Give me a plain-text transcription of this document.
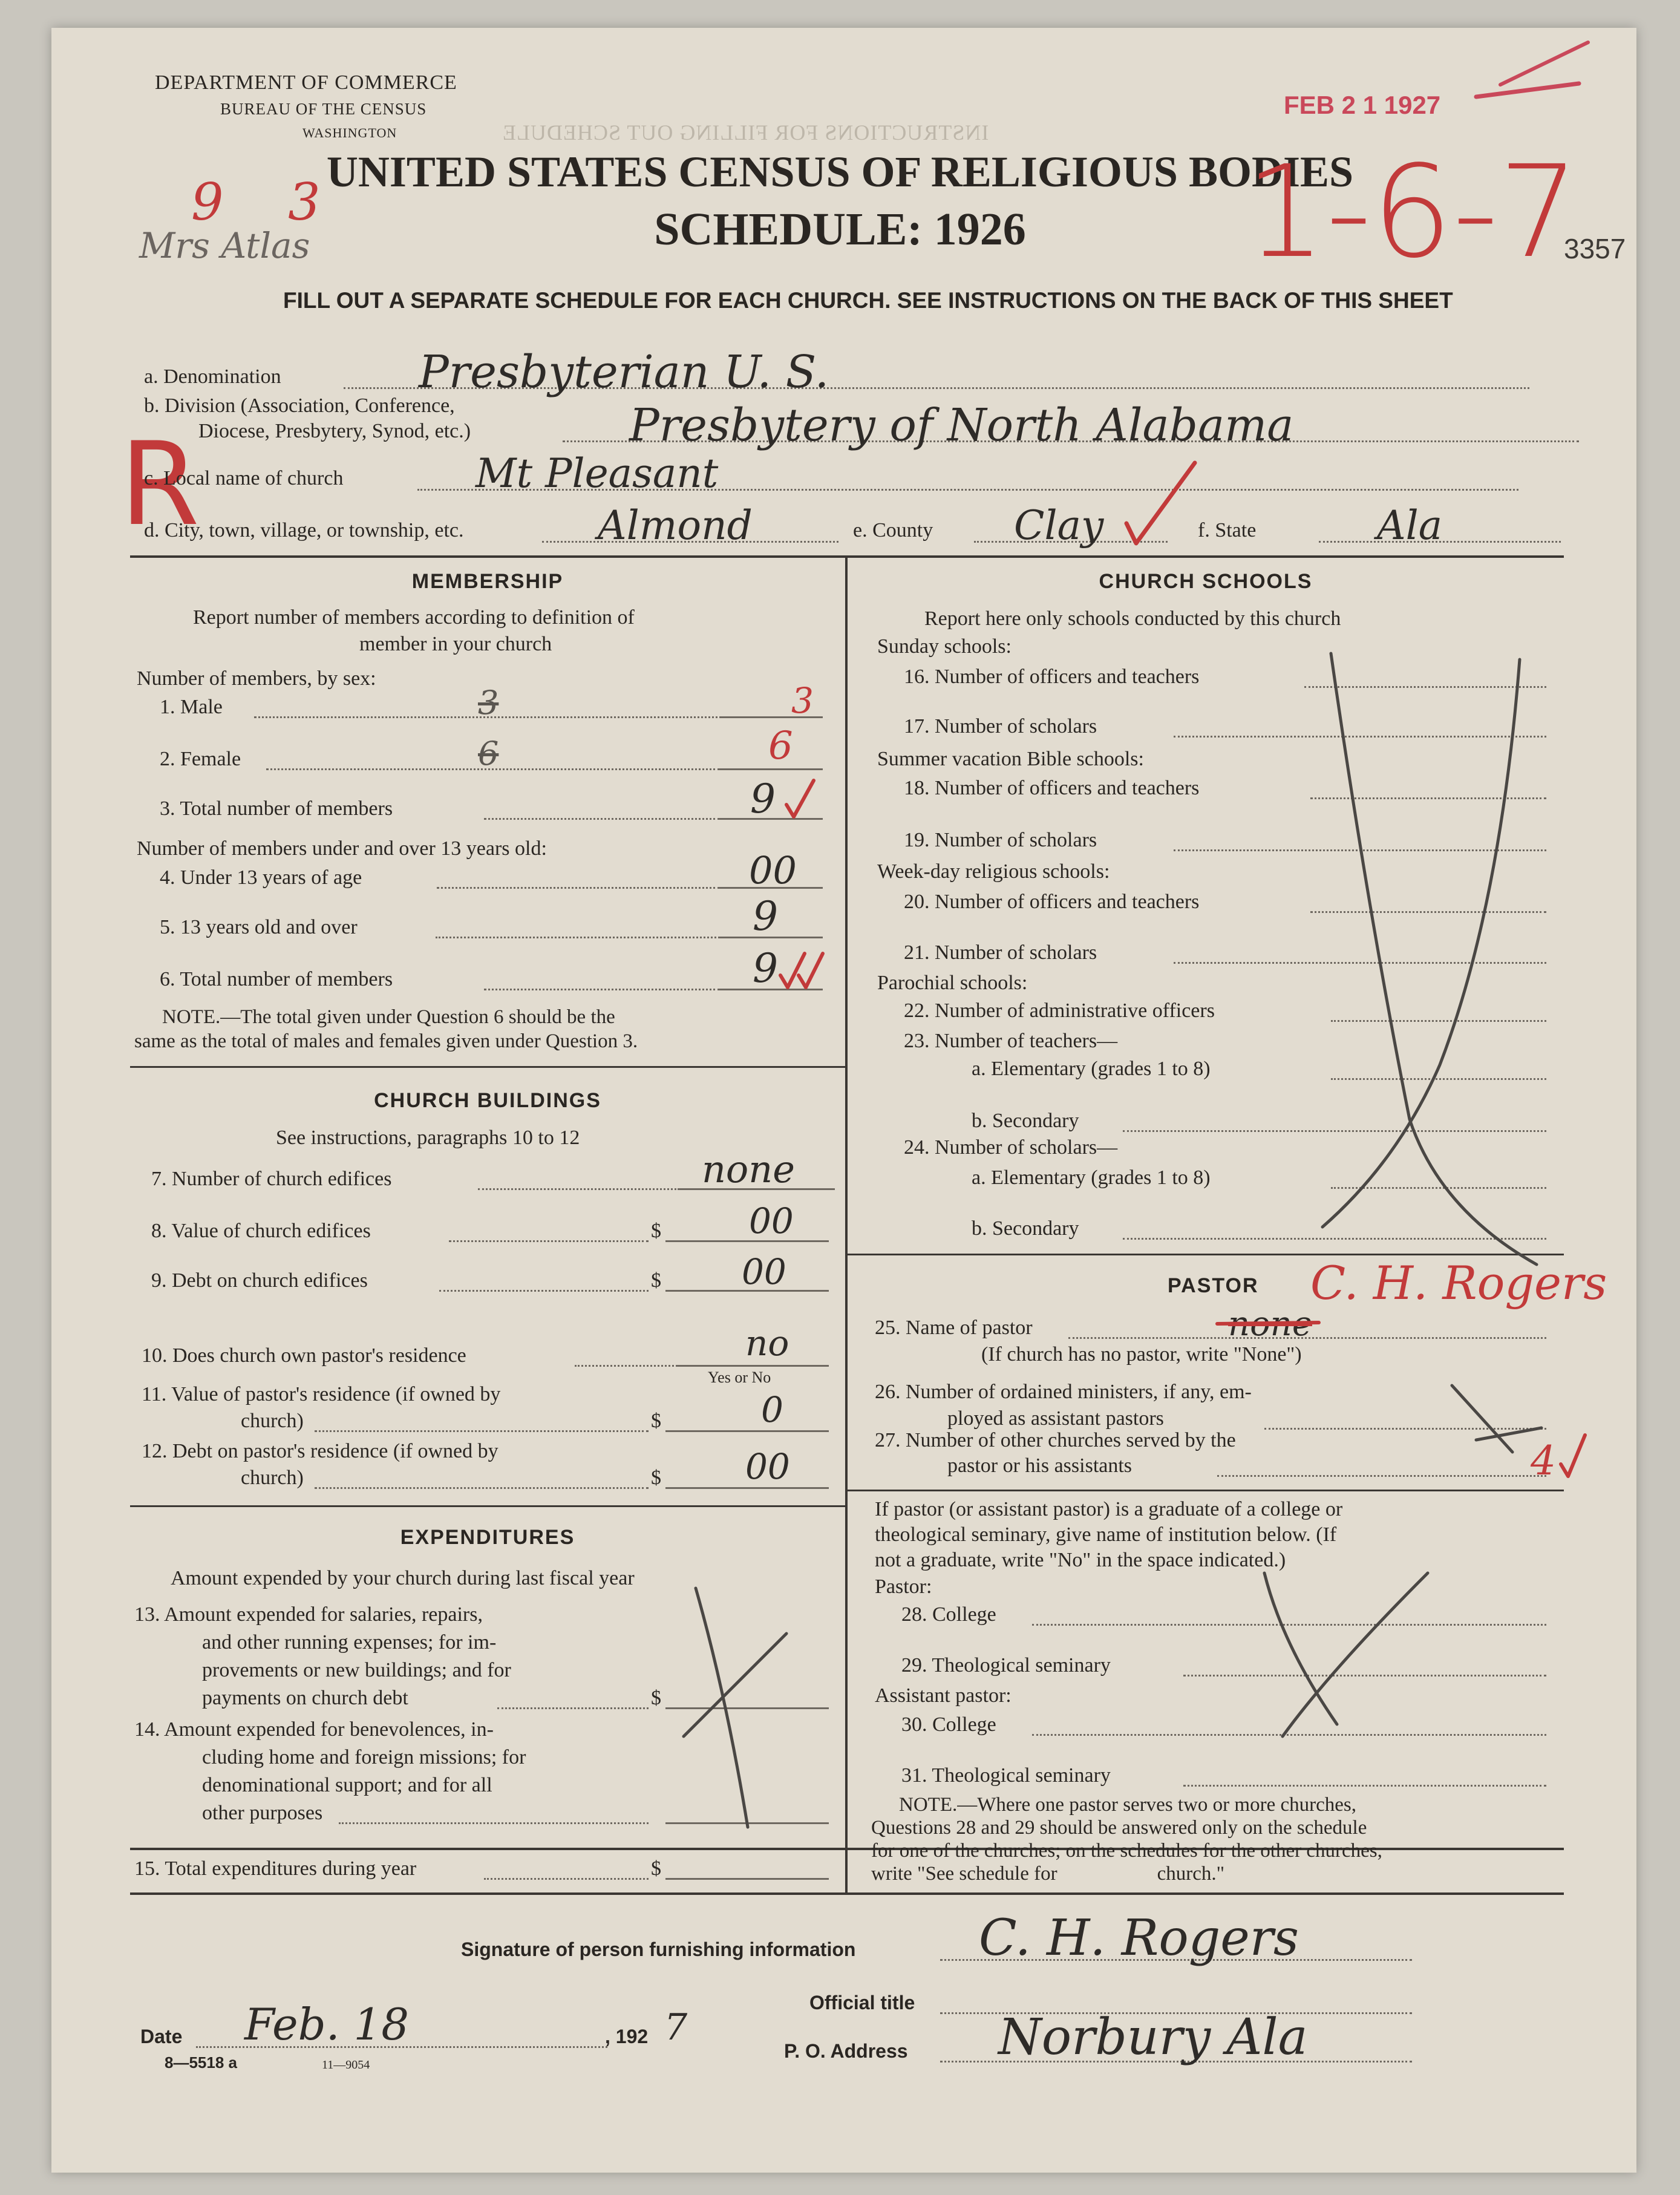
INSTRUCTIONS FOR FILLING OUT SCHEDULE
DEPARTMENT OF COMMERCE
BUREAU OF THE CENSUS
WASHINGTON
FEB 2 1 1927
UNITED STATES CENSUS OF RELIGIOUS BODIES
SCHEDULE: 1926	3357
FILL OUT A SEPARATE SCHEDULE FOR EACH CHURCH. SEE INSTRUCTIONS ON THE BACK OF THIS SHEET
9 3
Mrs Atlas	1-6-7
R
a. Denomination	Presbyterian U. S.
b. Division (Association, Conference,
Diocese, Presbytery, Synod, etc.)	Presbytery of North Alabama
c. Local name of church	Mt Pleasant
d. City, town, village, or township, etc.	Almond	e. County Clay	f. State	Ala
MEMBERSHIP
Report number of members according to definition of
member in your church
Number of members, by sex:
1. Male	3	3
2. Female	6	6
3. Total number of members	9
Number of members under and over 13 years old:
4. Under 13 years of age	00
5. 13 years old and over	9
6. Total number of members	9
NOTE.—The total given under Question 6 should be the
same as the total of males and females given under Question 3.
CHURCH BUILDINGS
See instructions, paragraphs 10 to 12
7. Number of church edifices	none
8. Value of church edifices	$	00
9. Debt on church edifices	$ 00
10. Does church own pastor's residence	no
Yes or No
11. Value of pastor's residence (if owned by
church)	$	0
12. Debt on pastor's residence (if owned by
church)	$ 00
EXPENDITURES
Amount expended by your church during last fiscal year
13. Amount expended for salaries, repairs,
and other running expenses; for im-
provements or new buildings; and for
payments on church debt	$
14. Amount expended for benevolences, in-
cluding home and foreign missions; for
denominational support; and for all
other purposes
15. Total expenditures during year	$
CHURCH SCHOOLS
Report here only schools conducted by this church
Sunday schools:
16. Number of officers and teachers
17. Number of scholars
Summer vacation Bible schools:
18. Number of officers and teachers
19. Number of scholars
Week-day religious schools:
20. Number of officers and teachers
21. Number of scholars
Parochial schools:
22. Number of administrative officers
23. Number of teachers—
a. Elementary (grades 1 to 8)
b. Secondary
24. Number of scholars—
a. Elementary (grades 1 to 8)
b. Secondary
PASTOR C. H. Rogers
25. Name of pastor	none
(If church has no pastor, write "None")
26. Number of ordained ministers, if any, em-
ployed as assistant pastors
27. Number of other churches served by the
pastor or his assistants	4
If pastor (or assistant pastor) is a graduate of a college or
theological seminary, give name of institution below. (If
not a graduate, write "No" in the space indicated.)
Pastor:
28. College
29. Theological seminary
Assistant pastor:
30. College
31. Theological seminary
NOTE.—Where one pastor serves two or more churches,
Questions 28 and 29 should be answered only on the schedule
for one of the churches; on the schedules for the other churches,
write "See schedule for                    church."
Signature of person furnishing information C. H. Rogers
Official title
Date Feb. 18	, 192 7
P. O. Address Norbury Ala
8—5518 a	11—9054
